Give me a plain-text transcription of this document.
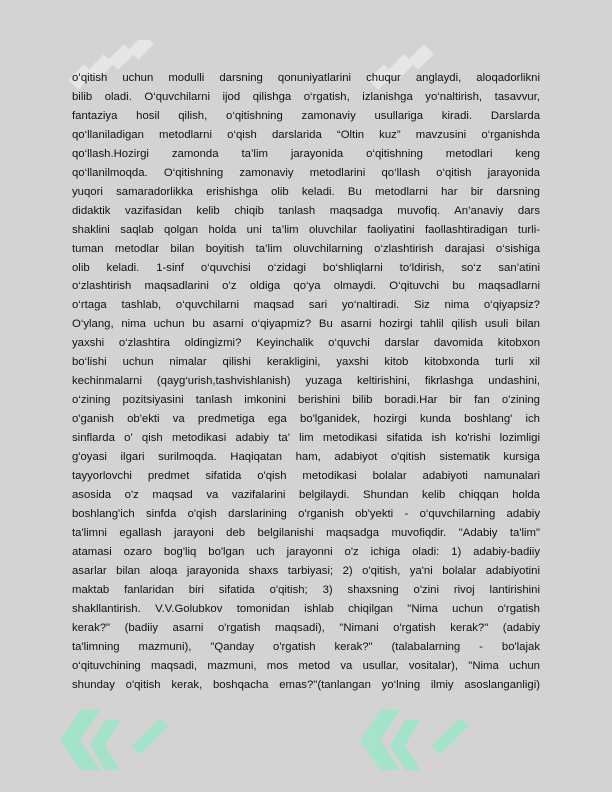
o’qitish uchun modulli darsning qonuniyatlarini chuqur anglaydi, aloqadorlikni
bilib oladi. O‘quvchilarni ijod qilishga o‘rgatish, izlanishga yo‘naltirish, tasavvur,
fantaziya hosil qilish, o‘qitishning zamonaviy usullariga kiradi. Darslarda
qo‘llaniladigan metodlarni o‘qish darslarida “Oltin kuz” mavzusini o‘rganishda
qo‘llash.Hozirgi zamonda ta’lim jarayonida o‘qitishning metodlari keng
qo‘llanilmoqda. O‘qitishning zamonaviy metodlarini qo‘llash o‘qitish jarayonida
yuqori samaradorlikka erishishga olib keladi. Bu metodlarni har bir darsning
didaktik vazifasidan kelib chiqib tanlash maqsadga muvofiq. An’anaviy dars
shaklini saqlab qolgan holda uni ta’lim oluvchilar faoliyatini faollashtiradigan turli-
tuman metodlar bilan boyitish ta’lim oluvchilarning o‘zlashtirish darajasi o‘sishiga
olib keladi. 1-sinf o‘quvchisi o‘zidagi bo‘shliqlarni to‘ldirish, so‘z san’atini
o‘zlashtirish maqsadlarini o’z oldiga qo‘ya olmaydi. O‘qituvchi bu maqsadlarni
o‘rtaga tashlab, o‘quvchilarni maqsad sari yo‘naltiradi. Siz nima o‘qiyapsiz?
O‘ylang, nima uchun bu asarni o‘qiyapmiz? Bu asarni hozirgi tahlil qilish usuli bilan
yaxshi o‘zlashtira oldingizmi? Keyinchalik o‘quvchi darslar davomida kitobxon
bo‘lishi uchun nimalar qilishi kerakligini, yaxshi kitob kitobxonda turli xil
kechinmalarni (qayg‘urish,tashvishlanish) yuzaga keltirishini, fikrlashga undashini,
o‘zining pozitsiyasini tanlash imkonini berishini bilib boradi.Har bir fan o'zining
o'ganish ob'ekti va predmetiga ega bo'lganidek, hozirgi kunda boshlang' ich
sinflarda o' qish metodikasi adabiy ta' lim metodikasi sifatida ish ko'rishi lozimligi
g'oyasi ilgari surilmoqda. Haqiqatan ham, adabiyot o'qitish sistematik kursiga
tayyorlovchi predmet sifatida o'qish metodikasi bolalar adabiyoti namunalari
asosida o'z maqsad va vazifalarini belgilaydi. Shundan kelib chiqqan holda
boshlang'ich sinfda o'qish darslarining o'rganish ob'yekti - o‘quvchilarning adabiy
ta'limni egallash jarayoni deb belgilanishi maqsadga muvofiqdir. "Adabiy ta'lim"
atamasi ozaro bog'liq bo'lgan uch jarayonni o'z ichiga oladi: 1) adabiy-badiiy
asarlar bilan aloqa jarayonida shaxs tarbiyasi; 2) o'qitish, ya'ni bolalar adabiyotini
maktab fanlaridan biri sifatida o'qitish; 3) shaxsning o'zini rivoj lantirishini
shakllantirish. V.V.Golubkov tomonidan ishlab chiqilgan "Nima uchun o'rgatish
kerak?" (badiiy asarni o'rgatish maqsadi), "Nimani o'rgatish kerak?" (adabiy
ta'limning mazmuni), "Qanday o'rgatish kerak?" (talabalarning - bo'lajak
o‘qituvchining maqsadi, mazmuni, mos metod va usullar, vositalar), "Nima uchun
shunday o'qitish kerak, boshqacha emas?"(tanlangan yo‘lning ilmiy asoslanganligi)
